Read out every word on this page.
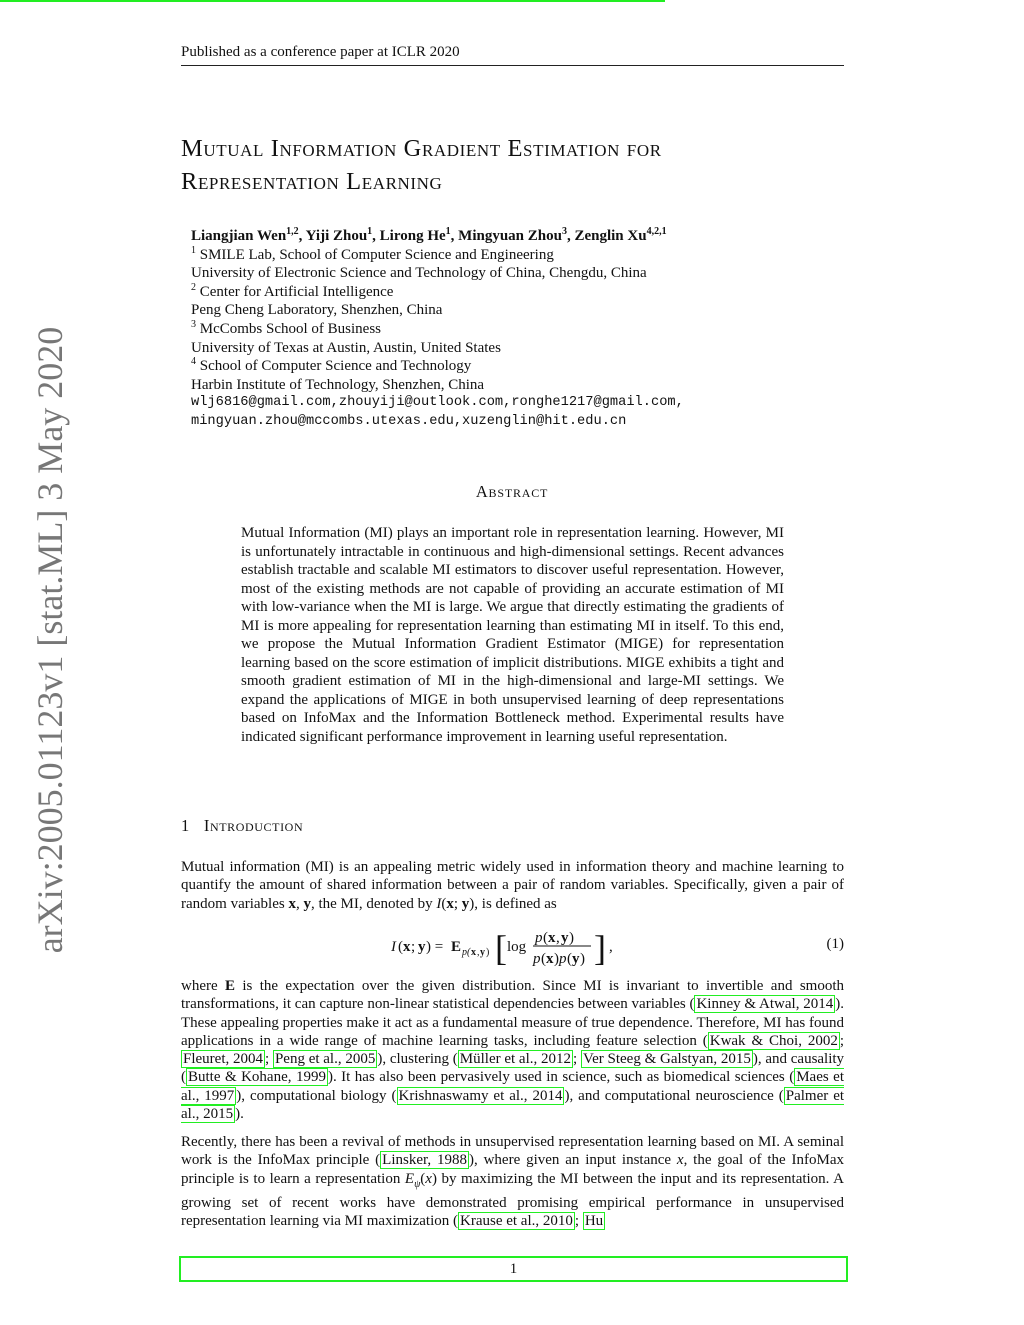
Published as a conference paper at ICLR 2020
Mutual Information Gradient Estimation for
Representation Learning
Liangjian Wen$^{1,2}$, Yiji Zhou$^1$, Lirong He$^1$, Mingyuan Zhou$^3$, Zenglin Xu$^{4,2,1}$
$^1$ SMILE Lab, School of Computer Science and Engineering
University of Electronic Science and Technology of China, Chengdu, China
$^2$ Center for Artificial Intelligence
Peng Cheng Laboratory, Shenzhen, China
$^3$ McCombs School of Business
University of Texas at Austin, Austin, United States
$^4$ School of Computer Science and Technology
Harbin Institute of Technology, Shenzhen, China
wlj6816@gmail.com,zhouyiji@outlook.com,ronghe1217@gmail.com,
mingyuan.zhou@mccombs.utexas.edu,xuzenglin@hit.edu.cn
Abstract
Mutual Information (MI) plays an important role in representation learning. However, MI is unfortunately intractable in continuous and high-dimensional settings. Recent advances establish tractable and scalable MI estimators to discover useful representation. However, most of the existing methods are not capable of providing an accurate estimation of MI with low-variance when the MI is large. We argue that directly estimating the gradients of MI is more appealing for representation learning than estimating MI in itself. To this end, we propose the Mutual Information Gradient Estimator (MIGE) for representation learning based on the score estimation of implicit distributions. MIGE exhibits a tight and smooth gradient estimation of MI in the high-dimensional and large-MI settings. We expand the applications of MIGE in both unsupervised learning of deep representations based on InfoMax and the Information Bottleneck method. Experimental results have indicated significant performance improvement in learning useful representation.
1 Introduction
Mutual information (MI) is an appealing metric widely used in information theory and machine learning to quantify the amount of shared information between a pair of random variables. Specifically, given a pair of random variables x, y, the MI, denoted by I(x; y), is defined as
I ( x ; y ) = E p( x , y ) [ log
p ( x , y )
p ( x ) p ( y ) ] ,	(1)
where E is the expectation over the given distribution. Since MI is invariant to invertible and smooth transformations, it can capture non-linear statistical dependencies between variables ( Kinney & Atwal, 2014 ). These appealing properties make it act as a fundamental measure of true dependence. Therefore, MI has found applications in a wide range of machine learning tasks, including feature selection ( Kwak & Choi, 2002 ; Fleuret, 2004 ; Peng et al., 2005 ), clustering ( Müller et al., 2012 ; Ver Steeg & Galstyan, 2015 ), and causality ( Butte & Kohane, 1999 ). It has also been pervasively used in science, such as biomedical sciences ( Maes et al., 1997 ), computational biology ( Krishnaswamy et al., 2014 ), and computational neuroscience ( Palmer et al., 2015 ).
Recently, there has been a revival of methods in unsupervised representation learning based on MI. A seminal work is the InfoMax principle ( Linsker, 1988 ), where given an input instance x, the goal of the InfoMax principle is to learn a representation $E_\psi(x)$ by maximizing the MI between the input and its representation. A growing set of recent works have demonstrated promising empirical performance in unsupervised representation learning via MI maximization ( Krause et al., 2010 ; Hu
arXiv:2005.01123v1 [stat.ML] 3 May 2020
1
